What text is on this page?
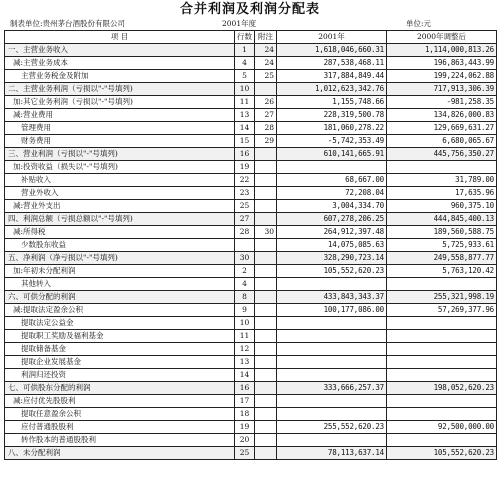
合并利润及利润分配表
制表单位:贵州茅台酒股份有限公司	2001年度	单位:元
项 目	行数	附注	2001年	2000年调整后
一、主营业务收入	1	24	1,618,046,660.31	1,114,000,813.26
减:主营业务成本	4	24	287,538,468.11	196,863,443.99
主营业务税金及附加	5	25	317,884,849.44	199,224,062.88
二、主营业务利润（亏损以"-"号填列)	10		1,012,623,342.76	717,913,306.39
加:其它业务利润（亏损以"-"号填列)	11	26	1,155,748.66	-981,258.35
减:营业费用	13	27	228,319,500.78	134,826,000.83
管理费用	14	28	181,060,278.22	129,669,631.27
财务费用	15	29	-5,742,353.49	6,680,065.67
三、营业利润（亏损以"-"号填列)	16		610,141,665.91	445,756,350.27
加:投资收益（损失以"-"号填列)	19			
补贴收入	22		68,667.00	31,789.00
营业外收入	23		72,208.04	17,635.96
减:营业外支出	25		3,004,334.70	960,375.10
四、利润总额（亏损总额以"-"号填列)	27		607,278,206.25	444,845,400.13
减:所得税	28	30	264,912,397.48	189,560,588.75
少数股东收益			14,075,085.63	5,725,933.61
五、净利润（净亏损以"-"号填列)	30		328,290,723.14	249,558,877.77
加:年初未分配利润	2		105,552,620.23	5,763,120.42
其他转入	4			
六、可供分配的利润	8		433,843,343.37	255,321,998.19
减:提取法定盈余公积	9		100,177,086.00	57,269,377.96
提取法定公益金	10			
提取职工奖励及福利基金	11			
提取储备基金	12			
提取企业发展基金	13			
利润归还投资	14			
七、可供股东分配的利润	16		333,666,257.37	198,052,620.23
减:应付优先股股利	17			
提取任意盈余公积	18			
应付普通股股利	19		255,552,620.23	92,500,000.00
转作股本的普通股股利	20			
八、未分配利润	25		78,113,637.14	105,552,620.23
